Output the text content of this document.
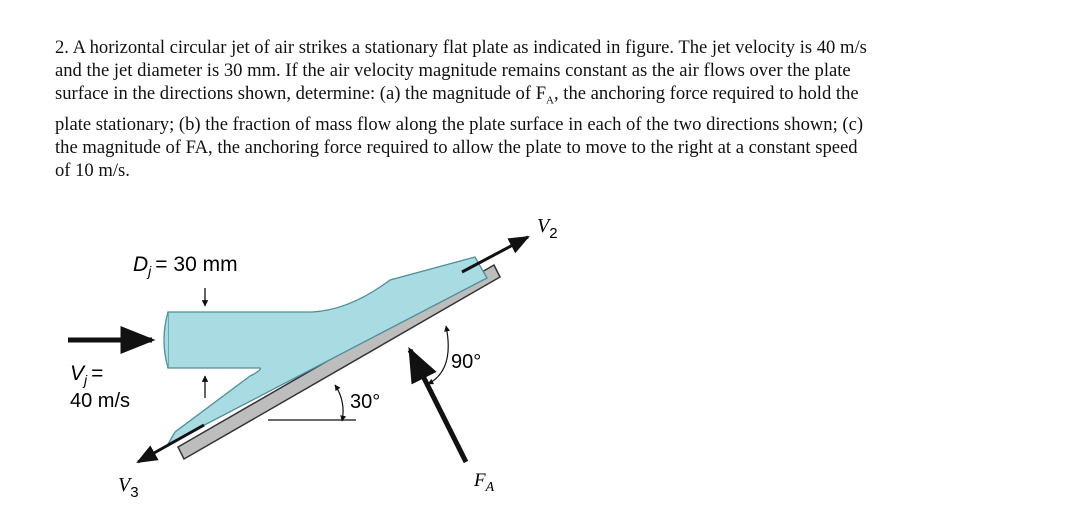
2. A horizontal circular jet of air strikes a stationary flat plate as indicated in figure. The jet velocity is 40 m/s
and the jet diameter is 30 mm. If the air velocity magnitude remains constant as the air flows over the plate
surface in the directions shown, determine: (a) the magnitude of $F_A$, the anchoring force required to hold the
plate stationary; (b) the fraction of mass flow along the plate surface in each of the two directions shown; (c)
the magnitude of FA, the anchoring force required to allow the plate to move to the right at a constant speed
of 10 m/s.

$D_j = 30$ mm
$V_j$ =
40 m/s
$V_2$
$V_3$
$F_A$
30°
90°
